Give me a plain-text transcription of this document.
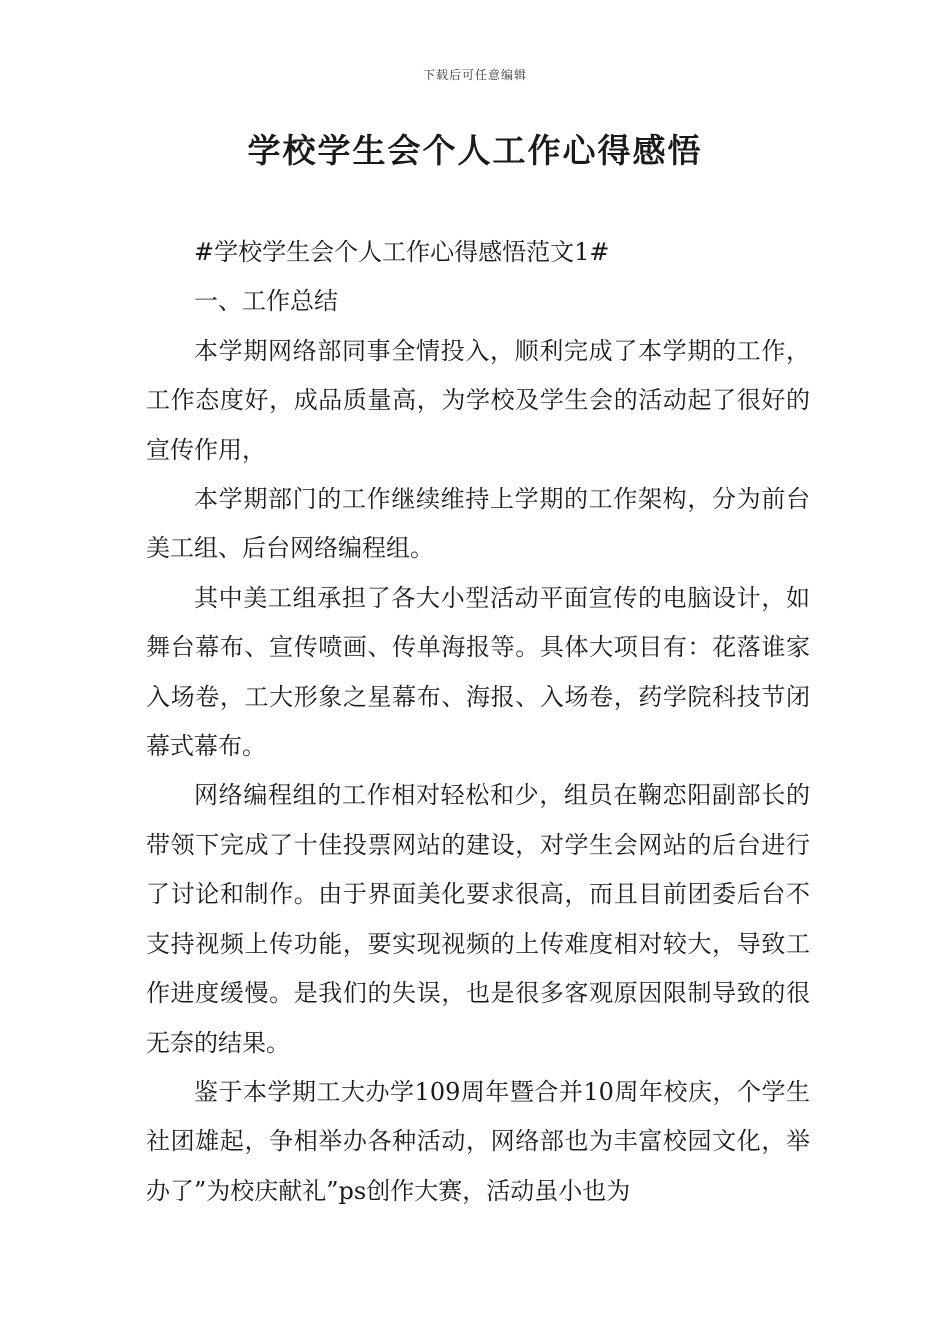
下载后可任意编辑
学校学生会个人工作心得感悟

#学校学生会个人工作心得感悟范文1#

一、工作总结

本学期网络部同事全情投入，顺利完成了本学期的工作，工作态度好，成品质量高，为学校及学生会的活动起了很好的宣传作用，

本学期部门的工作继续维持上学期的工作架构，分为前台美工组、后台网络编程组。

其中美工组承担了各大小型活动平面宣传的电脑设计，如舞台幕布、宣传喷画、传单海报等。具体大项目有：花落谁家入场卷，工大形象之星幕布、海报、入场卷，药学院科技节闭幕式幕布。

网络编程组的工作相对轻松和少，组员在鞠恋阳副部长的带领下完成了十佳投票网站的建设，对学生会网站的后台进行了讨论和制作。由于界面美化要求很高，而且目前团委后台不支持视频上传功能，要实现视频的上传难度相对较大，导致工作进度缓慢。是我们的失误，也是很多客观原因限制导致的很无奈的结果。

鉴于本学期工大办学109周年暨合并10周年校庆，个学生社团雄起，争相举办各种活动，网络部也为丰富校园文化，举办了”为校庆献礼”ps创作大赛，活动虽小也为
